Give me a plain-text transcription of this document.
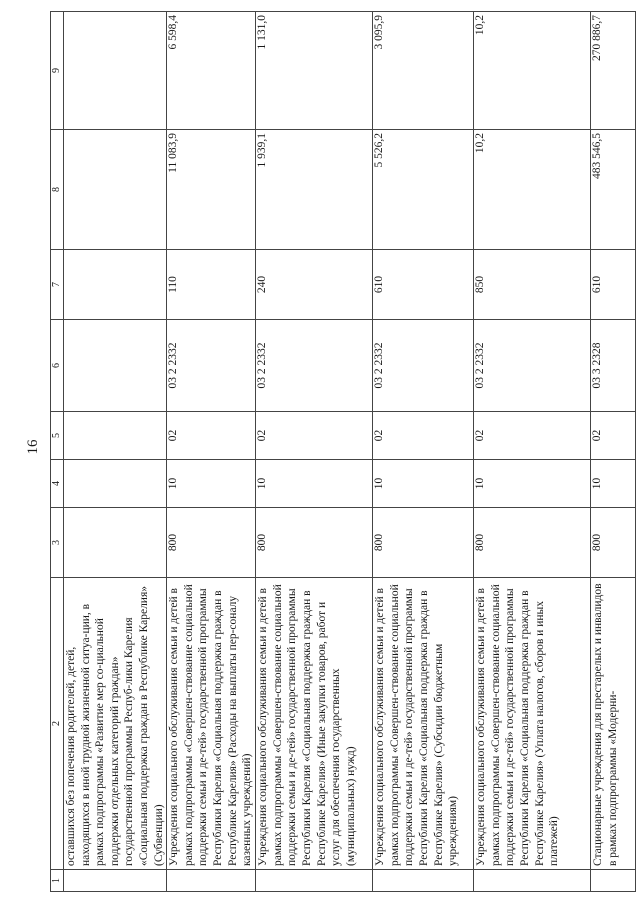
16
1	2	3	4	5	6	7	8	9
	оставшихся без попечения родителей, детей, находящихся в иной трудной жизненной ситуа-ции, в рамках подпрограммы «Развитие мер со-циальной поддержки отдельных категорий граждан» государственной программы Респуб-лики Карелия «Социальная поддержка граждан в Республике Карелия» (Субвенции)							
	Учреждения социального обслуживания семьи и детей в рамках подпрограммы «Совершен-ствование социальной поддержки семьи и де-тей» государственной программы Республики Карелия «Социальная поддержка граждан в Республике Карелия» (Расходы на выплаты пер-соналу казенных учреждений)	800	10	02	03 2 2332	110	11 083,9	6 598,4
	Учреждения социального обслуживания семьи и детей в рамках подпрограммы «Совершен-ствование социальной поддержки семьи и де-тей» государственной программы Республики Карелия «Социальная поддержка граждан в Республике Карелия» (Иные закупки товаров, работ и услуг для обеспечения государственных (муниципальных) нужд)	800	10	02	03 2 2332	240	1 939,1	1 131,0
	Учреждения социального обслуживания семьи и детей в рамках подпрограммы «Совершен-ствование социальной поддержки семьи и де-тей» государственной программы Республики Карелия «Социальная поддержка граждан в Республике Карелия» (Субсидии бюджетным учреждениям)	800	10	02	03 2 2332	610	5 526,2	3 095,9
	Учреждения социального обслуживания семьи и детей в рамках подпрограммы «Совершен-ствование социальной поддержки семьи и де-тей» государственной программы Республики Карелия «Социальная поддержка граждан в Республике Карелия» (Уплата налогов, сборов и иных платежей)	800	10	02	03 2 2332	850	10,2	10,2
	Стационарные учреждения для престарелых и инвалидов в рамках подпрограммы «Модерни-	800	10	02	03 3 2328	610	483 546,5	270 886,7
